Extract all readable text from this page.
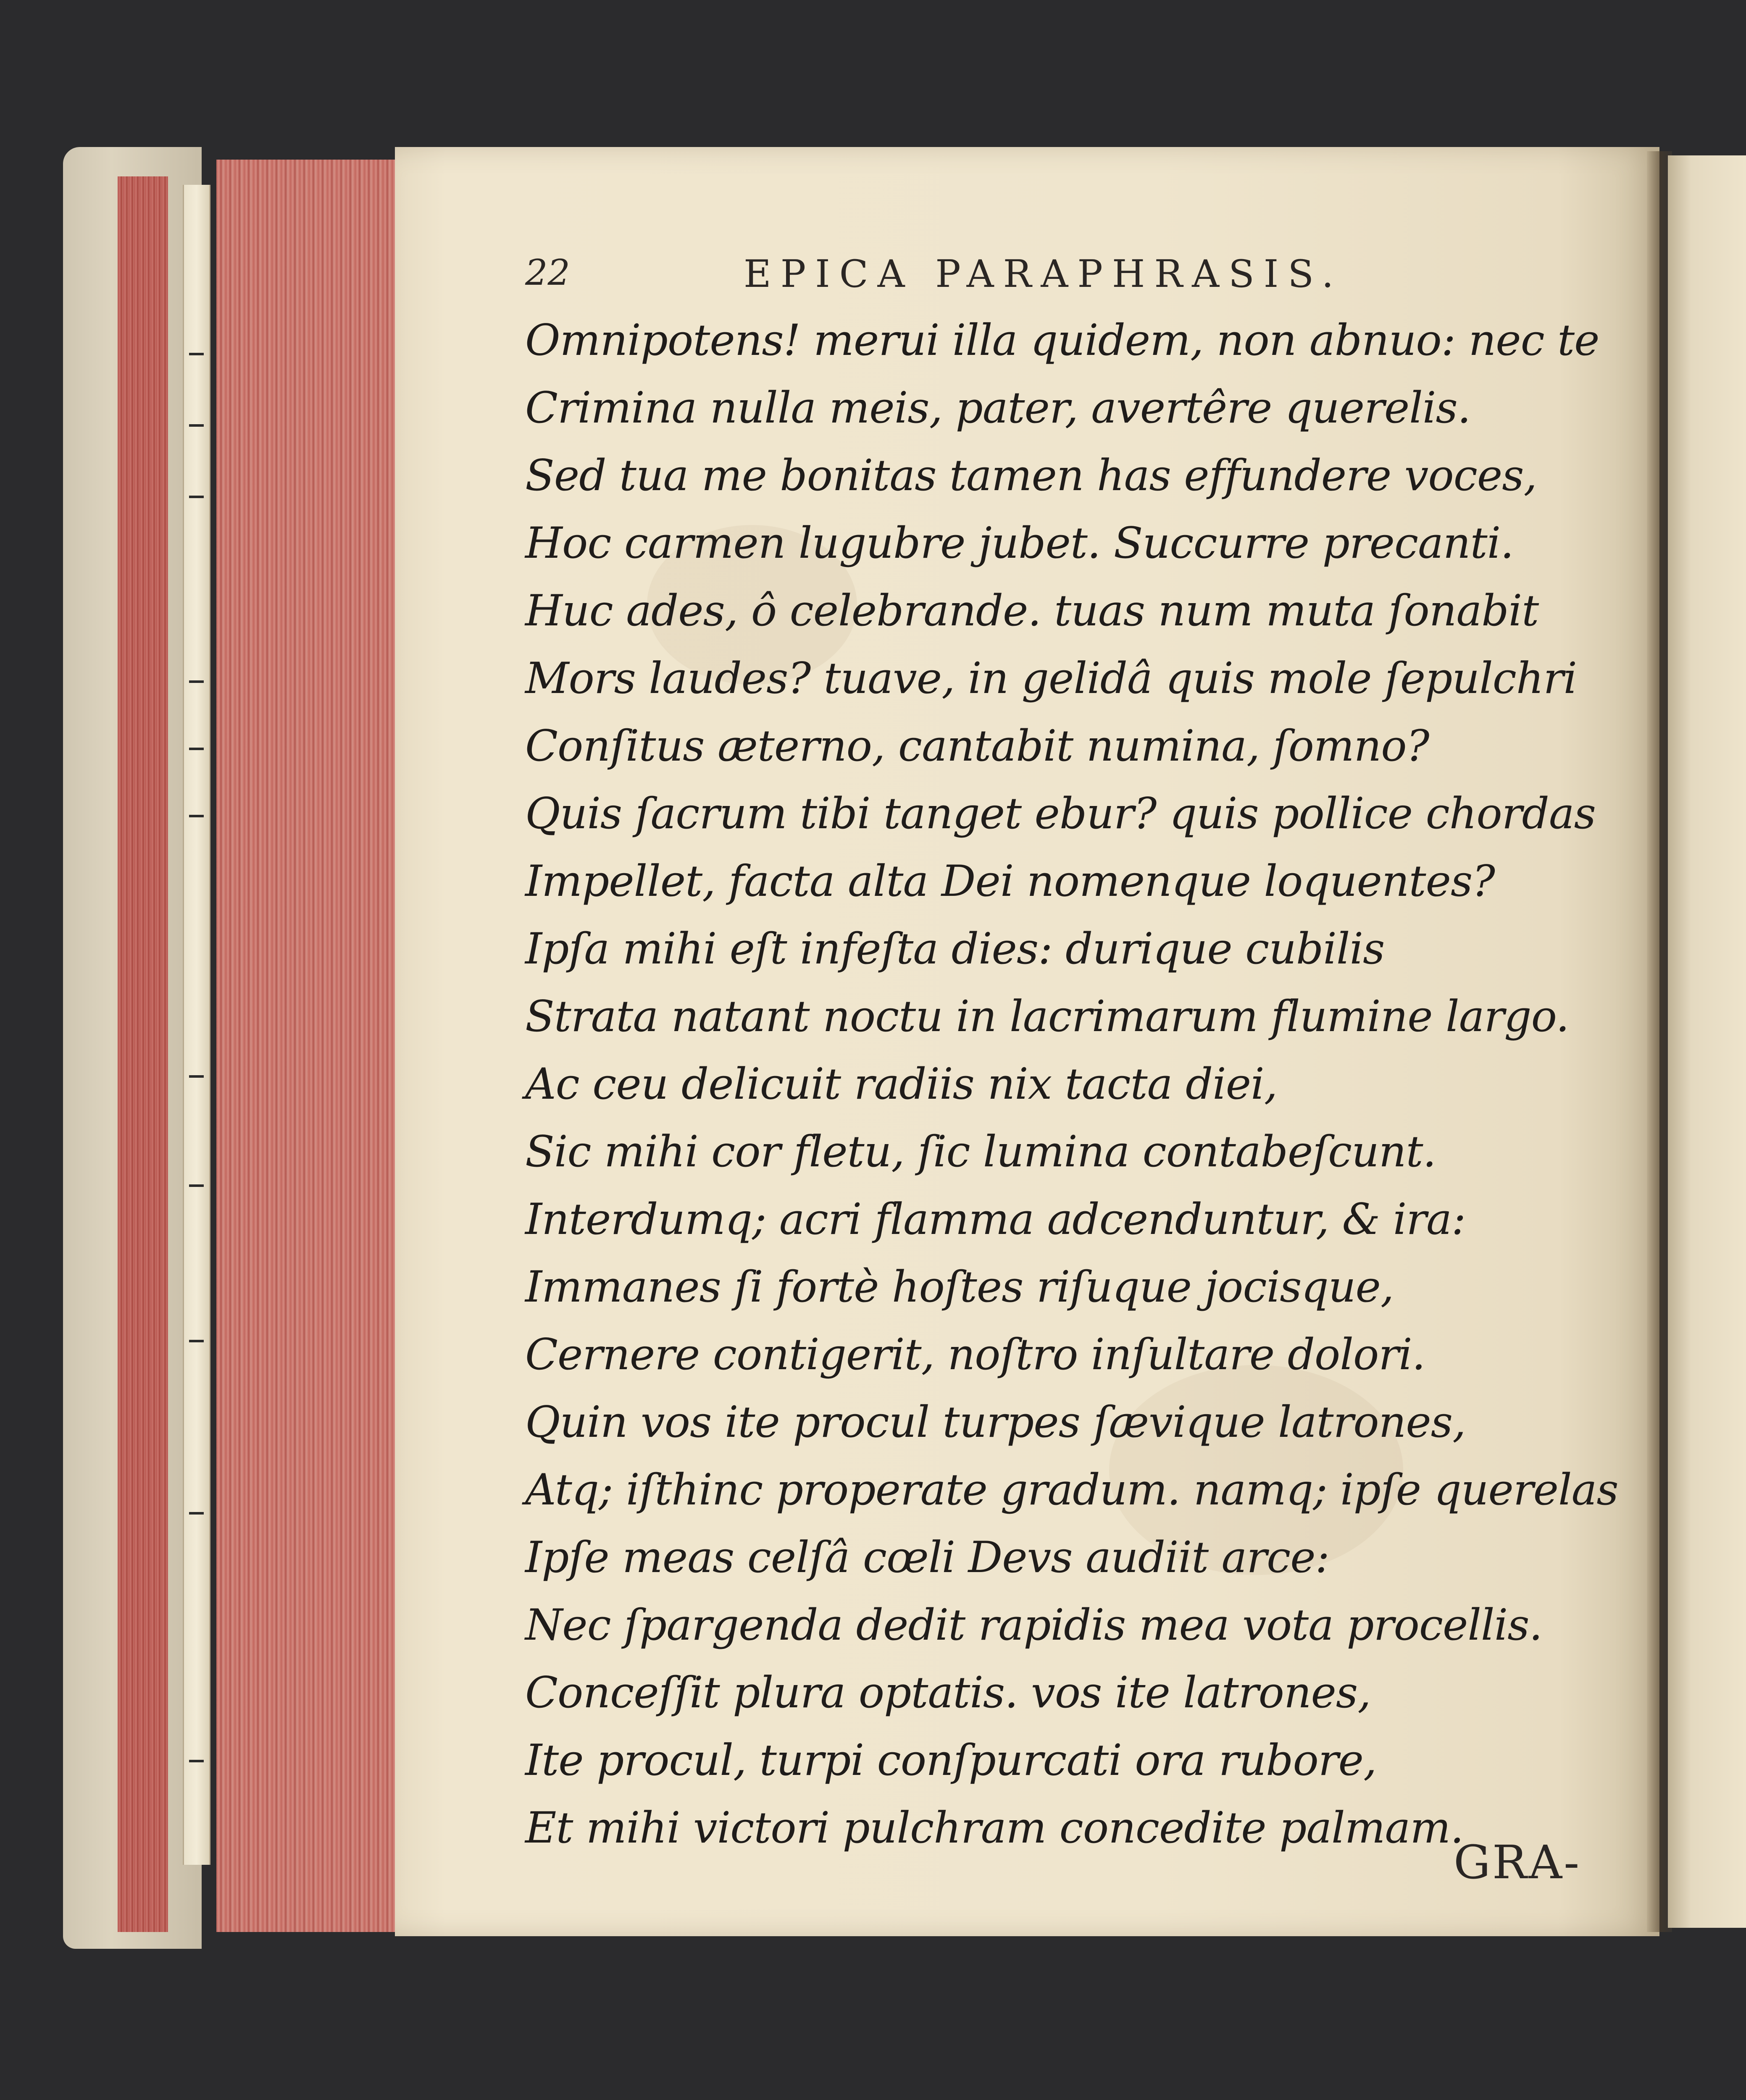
22	EPICA PARAPHRASIS.
Omnipotens! merui illa quidem, non abnuo: nec te
Crimina nulla meis, pater, avertêre querelis.
Sed tua me bonitas tamen has effundere voces,
Hoc carmen lugubre jubet. Succurre precanti.
Huc ades, ô celebrande. tuas num muta ſonabit
Mors laudes? tuave, in gelidâ quis mole ſepulchri
Conſitus æterno, cantabit numina, ſomno?
Quis ſacrum tibi tanget ebur? quis pollice chordas
Impellet, facta alta Dei nomenque loquentes?
Ipſa mihi eſt infeſta dies: durique cubilis
Strata natant noctu in lacrimarum flumine largo.
Ac ceu delicuit radiis nix tacta diei,
Sic mihi cor fletu, ſic lumina contabeſcunt.
Interdumq; acri flamma adcenduntur, & ira:
Immanes ſi fortè hoſtes riſuque jocisque,
Cernere contigerit, noſtro inſultare dolori.
Quin vos ite procul turpes ſævique latrones,
Atq; iſthinc properate gradum. namq; ipſe querelas
Ipſe meas celſâ cœli Devs audiit arce:
Nec ſpargenda dedit rapidis mea vota procellis.
Conceſſit plura optatis. vos ite latrones,
Ite procul, turpi conſpurcati ora rubore,
Et mihi victori pulchram concedite palmam.
GRA-
